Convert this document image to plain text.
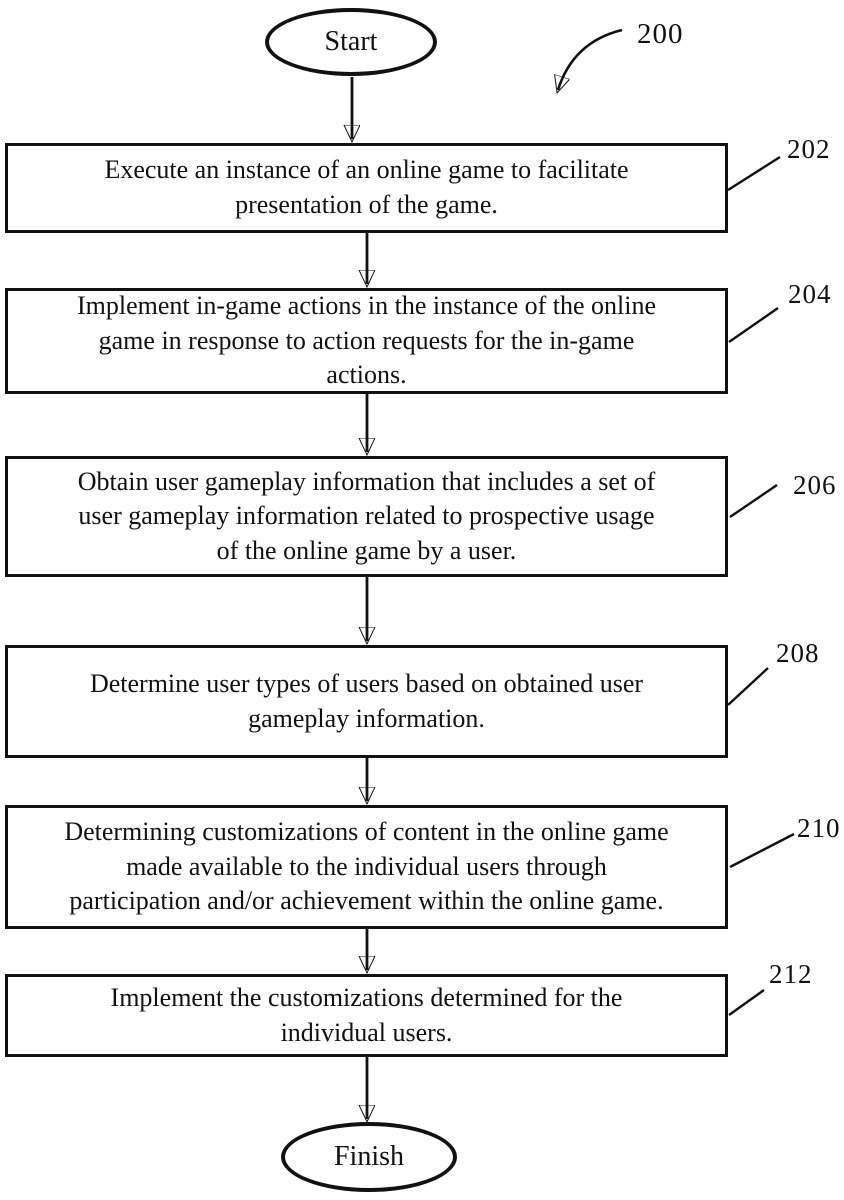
Start
Finish
Execute an instance of an online game to facilitate
presentation of the game.
Implement in-game actions in the instance of the online
game in response to action requests for the in-game
actions.
Obtain user gameplay information that includes a set of
user gameplay information related to prospective usage
of the online game by a user.
Determine user types of users based on obtained user
gameplay information.
Determining customizations of content in the online game
made available to the individual users through
participation and/or achievement within the online game.
Implement the customizations determined for the
individual users.
200
202
204
206
208
210
212
